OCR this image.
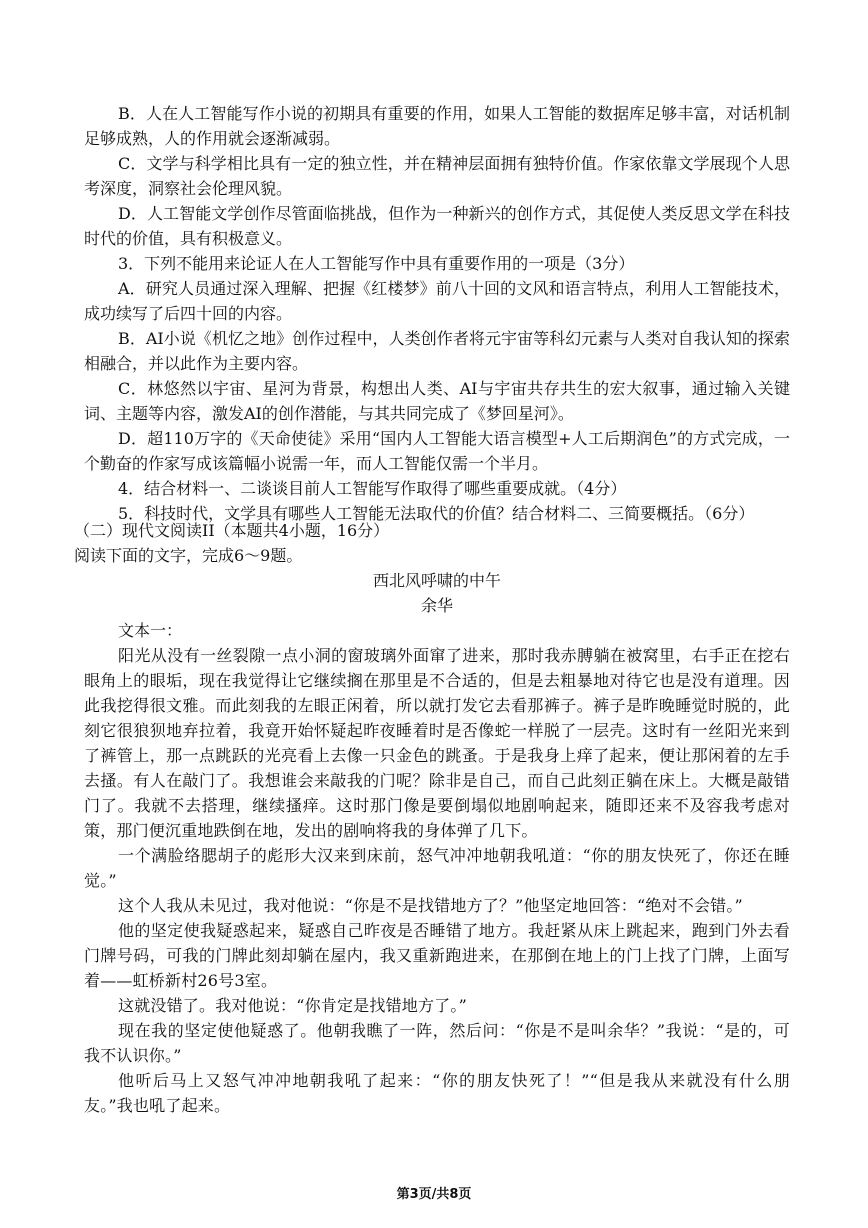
B．人在人工智能写作小说的初期具有重要的作用，如果人工智能的数据库足够丰富，对话机制足够成熟，人的作用就会逐渐减弱。

C．文学与科学相比具有一定的独立性，并在精神层面拥有独特价值。作家依靠文学展现个人思考深度，洞察社会伦理风貌。

D．人工智能文学创作尽管面临挑战，但作为一种新兴的创作方式，其促使人类反思文学在科技时代的价值，具有积极意义。

3．下列不能用来论证人在人工智能写作中具有重要作用的一项是（3分）

A．研究人员通过深入理解、把握《红楼梦》前八十回的文风和语言特点，利用人工智能技术，成功续写了后四十回的内容。

B．AI小说《机忆之地》创作过程中，人类创作者将元宇宙等科幻元素与人类对自我认知的探索相融合，并以此作为主要内容。

C．林悠然以宇宙、星河为背景，构想出人类、AI与宇宙共存共生的宏大叙事，通过输入关键词、主题等内容，激发AI的创作潜能，与其共同完成了《梦回星河》。

D．超110万字的《天命使徒》采用“国内人工智能大语言模型+人工后期润色”的方式完成，一个勤奋的作家写成该篇幅小说需一年，而人工智能仅需一个半月。

4．结合材料一、二谈谈目前人工智能写作取得了哪些重要成就。（4分）

5．科技时代，文学具有哪些人工智能无法取代的价值？结合材料二、三简要概括。（6分）

（二）现代文阅读II（本题共4小题，16分）

阅读下面的文字，完成6～9题。

西北风呼啸的中午

余华

文本一：

阳光从没有一丝裂隙一点小洞的窗玻璃外面窜了进来，那时我赤膊躺在被窝里，右手正在挖右眼角上的眼垢，现在我觉得让它继续搁在那里是不合适的，但是去粗暴地对待它也是没有道理。因此我挖得很文雅。而此刻我的左眼正闲着，所以就打发它去看那裤子。裤子是昨晚睡觉时脱的，此刻它很狼狈地弃拉着，我竟开始怀疑起昨夜睡着时是否像蛇一样脱了一层壳。这时有一丝阳光来到了裤管上，那一点跳跃的光亮看上去像一只金色的跳蚤。于是我身上痒了起来，便让那闲着的左手去搔。有人在敲门了。我想谁会来敲我的门呢？除非是自己，而自己此刻正躺在床上。大概是敲错门了。我就不去搭理，继续搔痒。这时那门像是要倒塌似地剧响起来，随即还来不及容我考虑对策，那门便沉重地跌倒在地，发出的剧响将我的身体弹了几下。

一个满脸络腮胡子的彪形大汉来到床前，怒气冲冲地朝我吼道：“你的朋友快死了，你还在睡觉。”

这个人我从未见过，我对他说：“你是不是找错地方了？”他坚定地回答：“绝对不会错。”

他的坚定使我疑惑起来，疑惑自己昨夜是否睡错了地方。我赶紧从床上跳起来，跑到门外去看门牌号码，可我的门牌此刻却躺在屋内，我又重新跑进来，在那倒在地上的门上找了门牌，上面写着——虹桥新村26号3室。

这就没错了。我对他说：“你肯定是找错地方了。”

现在我的坚定使他疑惑了。他朝我瞧了一阵，然后问：“你是不是叫余华？”我说：“是的，可我不认识你。”

他听后马上又怒气冲冲地朝我吼了起来：“你的朋友快死了！”“但是我从来就没有什么朋友。”我也吼了起来。

第3页/共8页
